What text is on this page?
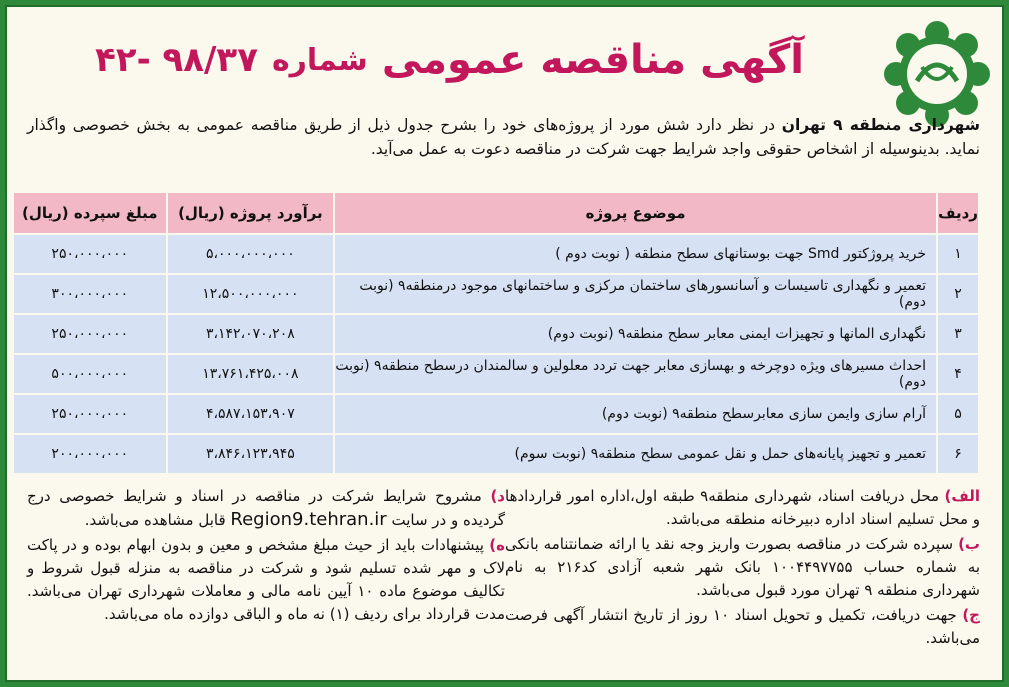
آگهی مناقصه عمومی
شماره
۴۲- ۹۸/۳۷
شهرداری منطقه ۹ تهران در نظر دارد شش مورد از پروژه‌های خود را بشرح جدول ذیل از طریق مناقصه عمومی به بخش خصوصی واگذار نماید. بدینوسیله از اشخاص حقوقی واجد شرایط جهت شرکت در مناقصه دعوت به عمل می‌آید.
ردیف	موضوع پروژه	برآورد پروژه (ریال)	مبلغ سپرده (ریال)
۱	خرید پروژکتور Smd جهت بوستانهای سطح منطقه ( نوبت دوم )	۵،۰۰۰،۰۰۰،۰۰۰	۲۵۰،۰۰۰،۰۰۰
۲	تعمیر و نگهداری تاسیسات و آسانسورهای ساختمان مرکزی و ساختمانهای موجود درمنطقه۹ (نوبت دوم)	۱۲،۵۰۰،۰۰۰،۰۰۰	۳۰۰،۰۰۰،۰۰۰
۳	نگهداری المانها و تجهیزات ایمنی معابر سطح منطقه۹ (نوبت دوم)	۳،۱۴۲،۰۷۰،۲۰۸	۲۵۰،۰۰۰،۰۰۰
۴	احداث مسیرهای ویژه دوچرخه و بهسازی معابر جهت تردد معلولین و سالمندان درسطح منطقه۹ (نوبت دوم)	۱۳،۷۶۱،۴۲۵،۰۰۸	۵۰۰،۰۰۰،۰۰۰
۵	آرام سازی وایمن سازی معابرسطح منطقه۹ (نوبت دوم)	۴،۵۸۷،۱۵۳،۹۰۷	۲۵۰،۰۰۰،۰۰۰
۶	تعمیر و تجهیز پایانه‌های حمل و نقل عمومی سطح منطقه۹ (نوبت سوم)	۳،۸۴۶،۱۲۳،۹۴۵	۲۰۰،۰۰۰،۰۰۰

الف) محل دریافت اسناد، شهرداری منطقه۹ طبقه اول،اداره امور قراردادها و محل تسلیم اسناد اداره دبیرخانه منطقه می‌باشد.

ب) سپرده شرکت در مناقصه بصورت واریز وجه نقد یا ارائه ضمانتنامه بانکی به شماره حساب ۱۰۰۴۴۹۷۷۵۵ بانک شهر شعبه آزادی کد۲۱۶ به نام شهرداری منطقه ۹ تهران مورد قبول می‌باشد.

ج) جهت دریافت، تکمیل و تحویل اسناد ۱۰ روز از تاریخ انتشار آگهی فرصت می‌باشد.

د) مشروح شرایط شرکت در مناقصه در اسناد و شرایط خصوصی درج گردیده و در سایت Region9.tehran.ir قابل مشاهده می‌باشد.

ه) پیشنهادات باید از حیث مبلغ مشخص و معین و بدون ابهام بوده و در پاکت لاک و مهر شده تسلیم شود و شرکت در مناقصه به منزله قبول شروط و تکالیف موضوع ماده ۱۰ آیین نامه مالی و معاملات شهرداری تهران می‌باشد. مدت قرارداد برای ردیف (۱) نه ماه و الباقی دوازده ماه می‌باشد.
